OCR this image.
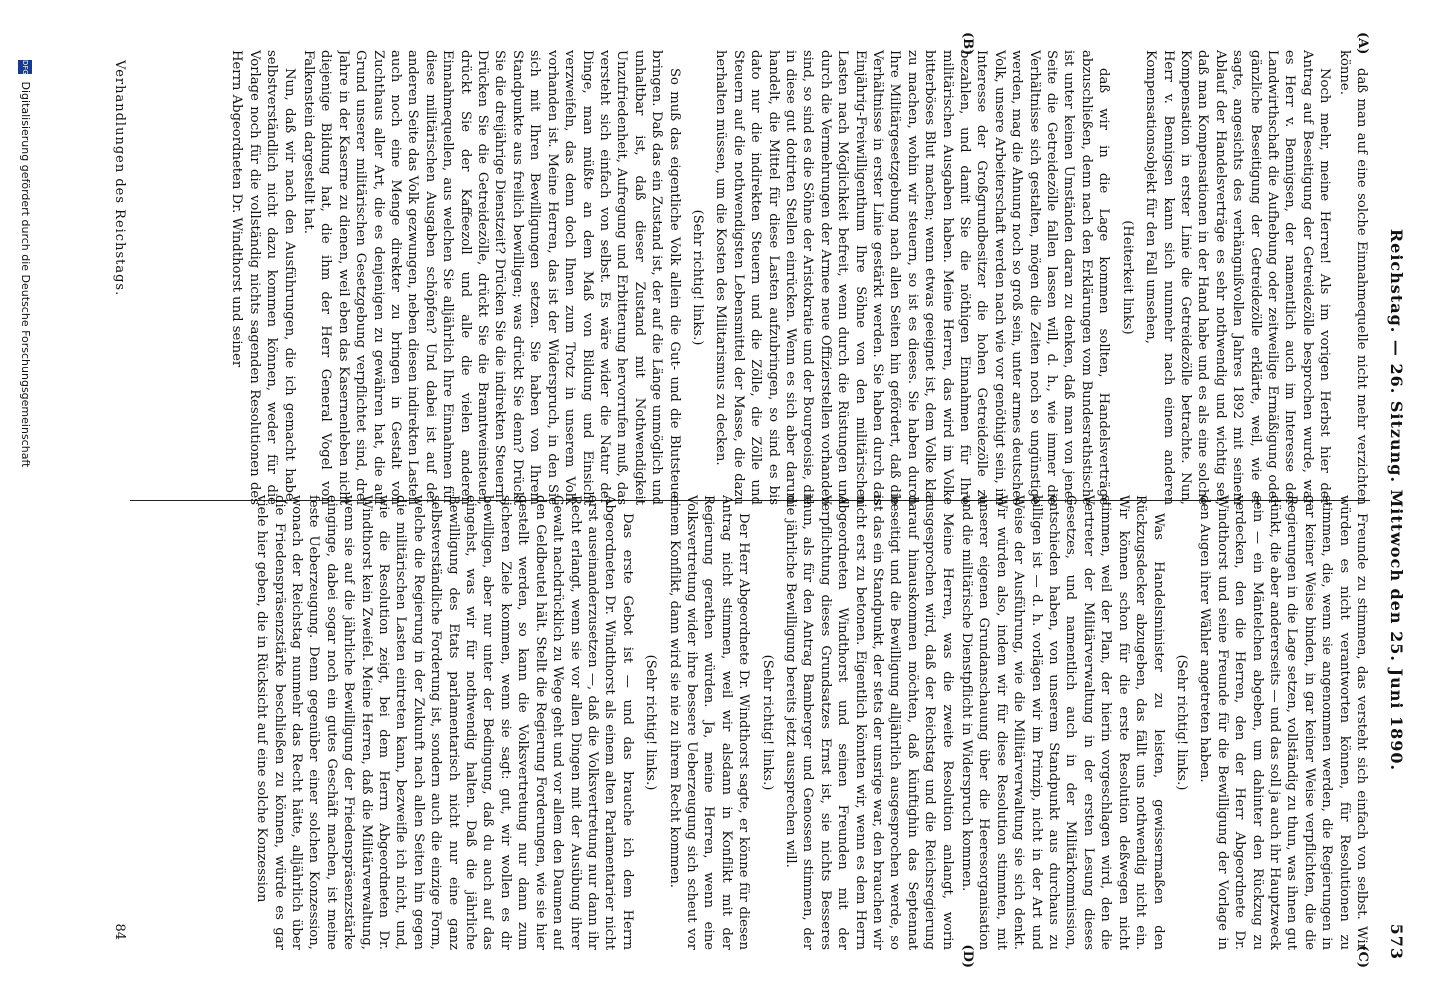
Reichstag. — 26. Sitzung. Mittwoch den 25. Juni 1890.
573
(A)
(B)
(C)
(D)

daß man auf eine solche Einnahmequelle nicht mehr verzichten könne.

Noch mehr, meine Herren! Als im vorigen Herbst hier der Antrag auf Beseitigung der Getreidezölle besprochen wurde, war es Herr v. Bennigsen, der namentlich auch im Interesse der Landwirthschaft die Aufhebung oder zeitweilige Ermäßigung oder gänzliche Beseitigung der Getreidezölle erklärte, weil, wie er sagte, angesichts des verhängnißvollen Jahres 1892 mit seinem Ablauf der Handelsverträge es sehr nothwendig und wichtig sei, daß man Kompensationen in der Hand habe und es als eine solche Kompensation in erster Linie die Getreidezölle betrachte. Nun, Herr v. Bennigsen kann sich nunmehr nach einem anderen Kompensationsobjekt für den Fall umsehen,

(Heiterkeit links)

daß wir in die Lage kommen sollten, Handelsverträge abzuschließen, denn nach den Erklärungen vom Bundesrathstische ist unter keinen Umständen daran zu denken, daß man von jener Seite die Getreidezölle fallen lassen will, d. h., wie immer die Verhältnisse sich gestalten, mögen die Zeiten noch so ungünstige werden, mag die Ahnung noch so groß sein, unter armes deutsches Volk, unsere Arbeiterschaft werden nach wie vor genöthigt sein, im Interesse der Großgrundbesitzer die hohen Getreidezölle zu bezahlen, und damit Sie die nöthigen Einnahmen für Ihre militärischen Ausgaben haben. Meine Herren, das wird im Volke bitterböses Blut machen; wenn etwas geeignet ist, dem Volke klar zu machen, wohin wir steuern, so ist es dieses. Sie haben durch Ihre Militärgesetzgebung nach allen Seiten hin gefördert, daß die Verhältnisse in erster Linie gestärkt werden. Sie haben durch das Einjährig-Freiwilligenthum Ihre Söhne von den militärischen Lasten nach Möglichkeit befreit, wenn durch die Rüstungen und durch die Vermehrungen der Armee neue Offizierstellen vorhanden sind, so sind es die Söhne der Aristokratie und der Bourgeoisie, die in diese gut dotirten Stellen einrücken. Wenn es sich aber darum handelt, die Mittel für diese Lasten aufzubringen, so sind es bis dato nur die indirekten Steuern und die Zölle, die Zölle und Steuern auf die nothwendigsten Lebensmittel der Masse, die dazu herhalten müssen, um die Kosten des Militarismus zu decken.

(Sehr richtig! links.)

So muß das eigentliche Volk allein die Gut- und die Blutsteuer bringen. Daß das ein Zustand ist, der auf die Länge unmöglich und unhaltbar ist, daß dieser Zustand mit Nothwendigkeit Unzufriedenheit, Aufregung und Erbitterung hervorrufen muß, das versteht sich einfach von selbst. Es wäre wider die Natur der Dinge, man müßte an dem Maß von Bildung und Einsicht verzweifeln, das denn doch Ihnen zum Trotz in unserem Volk vorhanden ist. Meine Herren, das ist der Widerspruch, in den Sie sich mit Ihren Bewilligungen setzen. Sie haben von Ihrem Standpunkte aus freilich bewilligen; was drückt Sie denn? Drückt Sie die dreijährige Dienstzeit? Drücken Sie die indirekten Steuern? Drücken Sie die Getreidezölle, drückt Sie die Branntweinsteuer, drückt Sie der Kaffeezoll und alle die vielen anderen Einnahmequellen, aus welchen Sie alljährlich Ihre Einnahmen für diese militärischen Ausgaben schöpfen? Und dabei ist auf der anderen Seite das Volk gezwungen, neben diesen indirekten Lasten auch noch eine Menge direkter zu bringen in Gestalt von Zuchthaus aller Art, die es denjenigen zu gewähren hat, die auf Grund unserer militärischen Gesetzgebung verpflichtet sind, drei Jahre in der Kaserne zu dienen, weil eben das Kasernenleben nicht diejenige Bildung hat, die ihm der Herr General Vogel von Falkenstein dargestellt hat.

Nun, daß wir nach den Ausführungen, die ich gemacht habe, selbstverständlich nicht dazu kommen können, weder für die Vorlage noch für die vollständig nichts sagenden Resolutionen des Herrn Abgeordneten Dr. Windthorst und seiner

Freunde zu stimmen, das versteht sich einfach von selbst. Wir würden es nicht verantworten können, für Resolutionen zu stimmen, die, wenn sie angenommen werden, die Regierungen in gar keiner Weise binden, in gar keiner Weise verpflichten, die die Regierungen in die Lage setzen, vollständig zu thun, was ihnen gut dünkt, die aber andererseits — und das soll ja auch ihr Hauptzweck sein — ein Mäntelchen abgeben, um dahinter den Rückzug zu verdecken, den die Herren, den der Herr Abgeordnete Dr. Windthorst und seine Freunde für die Bewilligung der Vorlage in den Augen ihrer Wähler angetreten haben.

(Sehr richtig! links.)

Was Handelsminister zu leisten, gewissermaßen den Rückzugsdecker abzugeben, das fällt uns nothwendig nicht ein. Wir können schon für die erste Resolution deßwegen nicht stimmen, weil der Plan, der hierin vorgeschlagen wird, den die Vertreter der Militärverwaltung in der ersten Lesung dieses Gesetzes, und namentlich auch in der Militärkommission, entschieden haben, von unserem Standpunkt aus durchaus zu billigen ist — d. h. vorlägen wir im Prinzip, nicht in der Art und Weise der Ausführung, wie die Militärverwaltung sie sich denkt. Wir würden also, indem wir für diese Resolution stimmten, mit unserer eigenen Grundanschauung über die Heeresorganisation und die militärische Dienstpflicht in Widerspruch kommen.

Meine Herren, was die zweite Resolution anlangt, worin ausgesprochen wird, daß der Reichstag und die Reichsregierung darauf hinauskommen möchten, daß künftighin das Septennat beseitigt und die Bewilligung alljährlich ausgesprochen werde, so ist das ein Standpunkt, der stets der unsrige war, den brauchen wir nicht erst zu betonen. Eigentlich könnten wir, wenn es dem Herrn Abgeordneten Windthorst und seinen Freunden mit der Verpflichtung dieses Grundsatzes Ernst ist, sie nichts Besseres thun, als für den Antrag Bamberger und Genossen stimmen, der die jährliche Bewilligung bereits jetzt aussprechen will.

(Sehr richtig! links.)

Der Herr Abgeordnete Dr. Windthorst sagte, er könne für diesen Antrag nicht stimmen, weil wir alsdann in Konflikt mit der Regierung gerathen würden. Ja, meine Herren, wenn eine Volksvertretung wider ihre bessere Ueberzeugung sich scheut vor einem Konflikt, dann wird sie nie zu ihrem Recht kommen.

(Sehr richtig! links.)

Das erste Gebot ist — und das brauche ich dem Herrn Abgeordneten Dr. Windthorst als einem alten Parlamentarier nicht erst auseinanderzusetzen —, daß die Volksvertretung nur dann ihr Recht erlangt, wenn sie vor allen Dingen mit der Ausübung ihrer Gewalt nachdrücklich zu Wege geht und vor allem den Daumen auf den Geldbeutel hält. Stellt die Regierung Forderungen, wie sie hier gestellt werden, so kann die Volksvertretung nur dann zum sicheren Ziele kommen, wenn sie sagt: gut, wir wollen es dir bewilligen, aber nur unter der Bedingung, daß du auch auf das eingehst, was wir für nothwendig halten. Daß die jährliche Bewilligung des Etats parlamentarisch nicht nur eine ganz selbstverständliche Forderung ist, sondern auch die einzige Form, welche die Regierung in der Zukunft nach allen Seiten hin gegen die militärischen Lasten eintreten kann, bezweifle ich nicht, und, wie die Resolution zeigt, bei dem Herrn Abgeordneten Dr. Windthorst kein Zweifel. Meine Herren, daß die Militärverwaltung, wenn sie auf die jährliche Bewilligung der Friedenspräsenzstärke einginge, dabei sogar noch ein gutes Geschäft machen, ist meine feste Ueberzeugung. Denn gegenüber einer solchen Konzession, wonach der Reichstag nunmehr das Recht hätte, alljährlich über die Friedenspräsenzstärke beschließen zu können, würde es gar viele hier geben, die in Rücksicht auf eine solche Konzession

Verhandlungen des Reichstags.
84
DFG Digitalisierung gefördert durch die Deutsche Forschungsgemeinschaft
